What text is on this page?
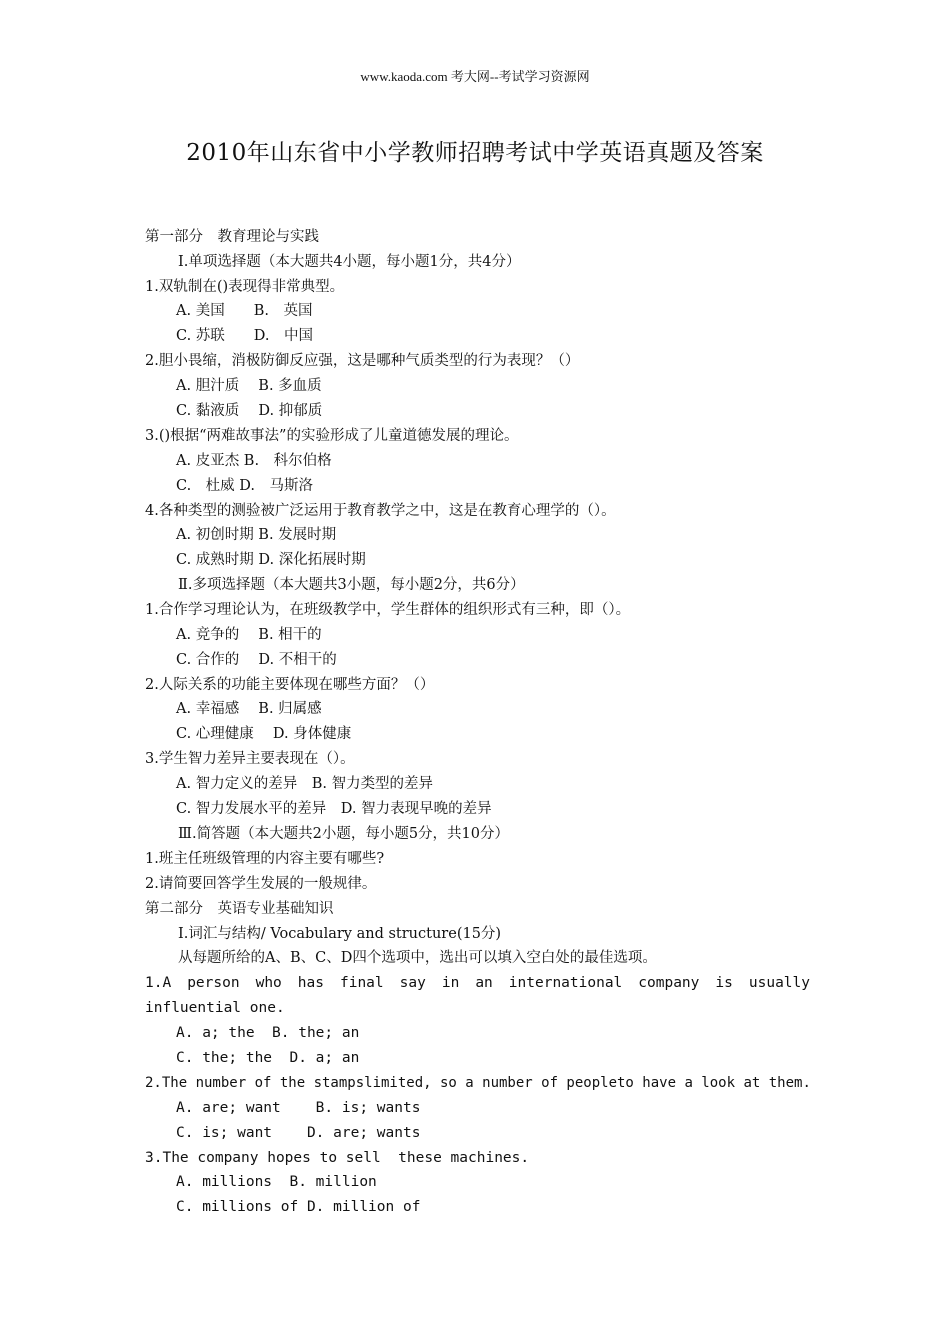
www.kaoda.com 考大网--考试学习资源网
2010年山东省中小学教师招聘考试中学英语真题及答案
第一部分　教育理论与实践
Ⅰ.单项选择题（本大题共4小题，每小题1分，共4分）
1.双轨制在()表现得非常典型。
A. 美国　　B.　英国
C. 苏联　　D.　中国
2.胆小畏缩，消极防御反应强，这是哪种气质类型的行为表现？（）
A. 胆汁质　 B. 多血质
C. 黏液质　 D. 抑郁质
3.()根据“两难故事法”的实验形成了儿童道德发展的理论。
A. 皮亚杰 B.　科尔伯格
C.　杜威 D.　马斯洛
4.各种类型的测验被广泛运用于教育教学之中，这是在教育心理学的（）。
A. 初创时期 B. 发展时期
C. 成熟时期 D. 深化拓展时期
Ⅱ.多项选择题（本大题共3小题，每小题2分，共6分）
1.合作学习理论认为，在班级教学中，学生群体的组织形式有三种，即（）。
A. 竞争的　 B. 相干的
C. 合作的　 D. 不相干的
2.人际关系的功能主要体现在哪些方面？（）
A. 幸福感　 B. 归属感
C. 心理健康　 D. 身体健康
3.学生智力差异主要表现在（）。
A. 智力定义的差异　B. 智力类型的差异
C. 智力发展水平的差异　D. 智力表现早晚的差异
Ⅲ.简答题（本大题共2小题，每小题5分，共10分）
1.班主任班级管理的内容主要有哪些?
2.请简要回答学生发展的一般规律。
第二部分　英语专业基础知识
Ⅰ.词汇与结构/ Vocabulary and structure(15分)
从每题所给的A、B、C、D四个选项中，选出可以填入空白处的最佳选项。
1.A person who has final say in an international company is usually
influential one.
A. a; the  B. the; an
C. the; the  D. a; an
2.The number of the stampslimited, so a number of peopleto have a look at them.
A. are; want    B. is; wants
C. is; want    D. are; wants
3.The company hopes to sell  these machines.
A. millions  B. million
C. millions of D. million of
